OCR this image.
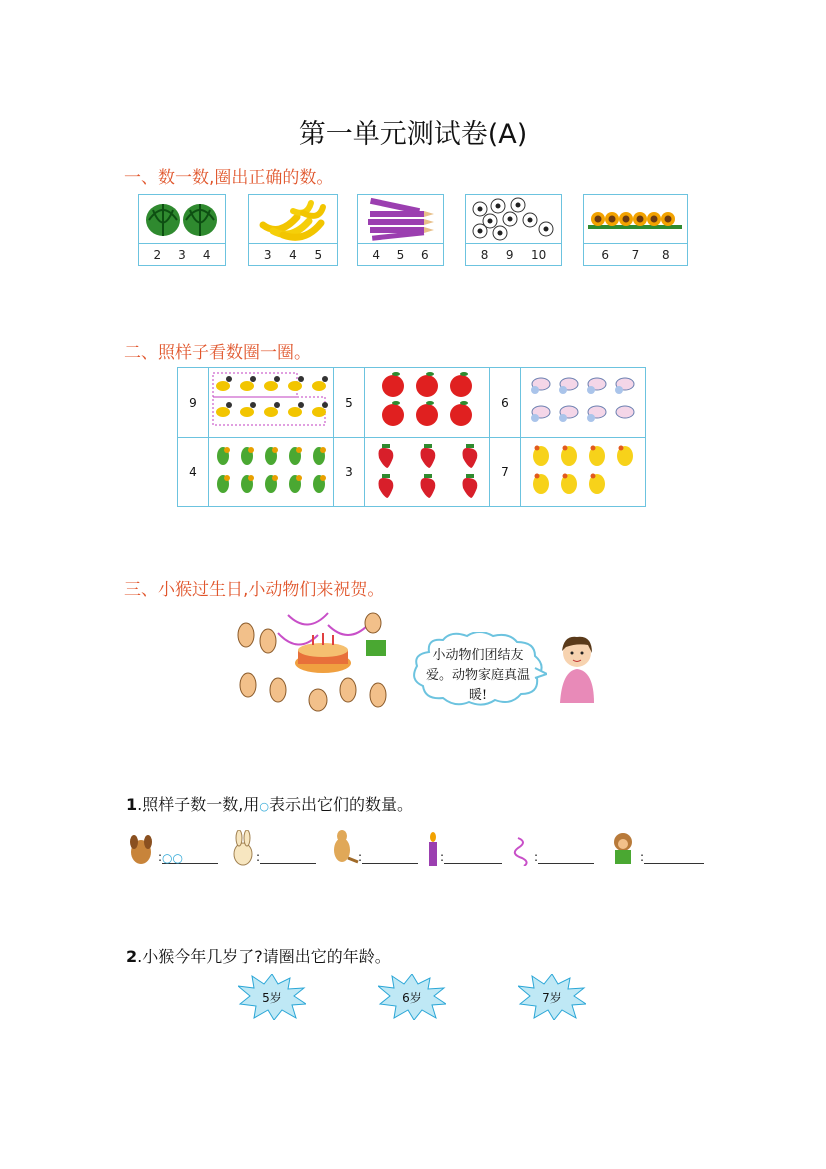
第一单元测试卷(A)
一、数一数,圈出正确的数。
2 3 4	3 4 5	4 5 6	8 9 10	6 7 8
二、照样子看数圈一圈。
9		5		6	
4		3		7	
三、小猴过生日,小动物们来祝贺。
小动物们团结友爱。动物家庭真温暖!
1.照样子数一数,用○表示出它们的数量。
: ○○	:	:	:	:	:
2.小猴今年几岁了?请圈出它的年龄。
5岁	6岁	7岁
